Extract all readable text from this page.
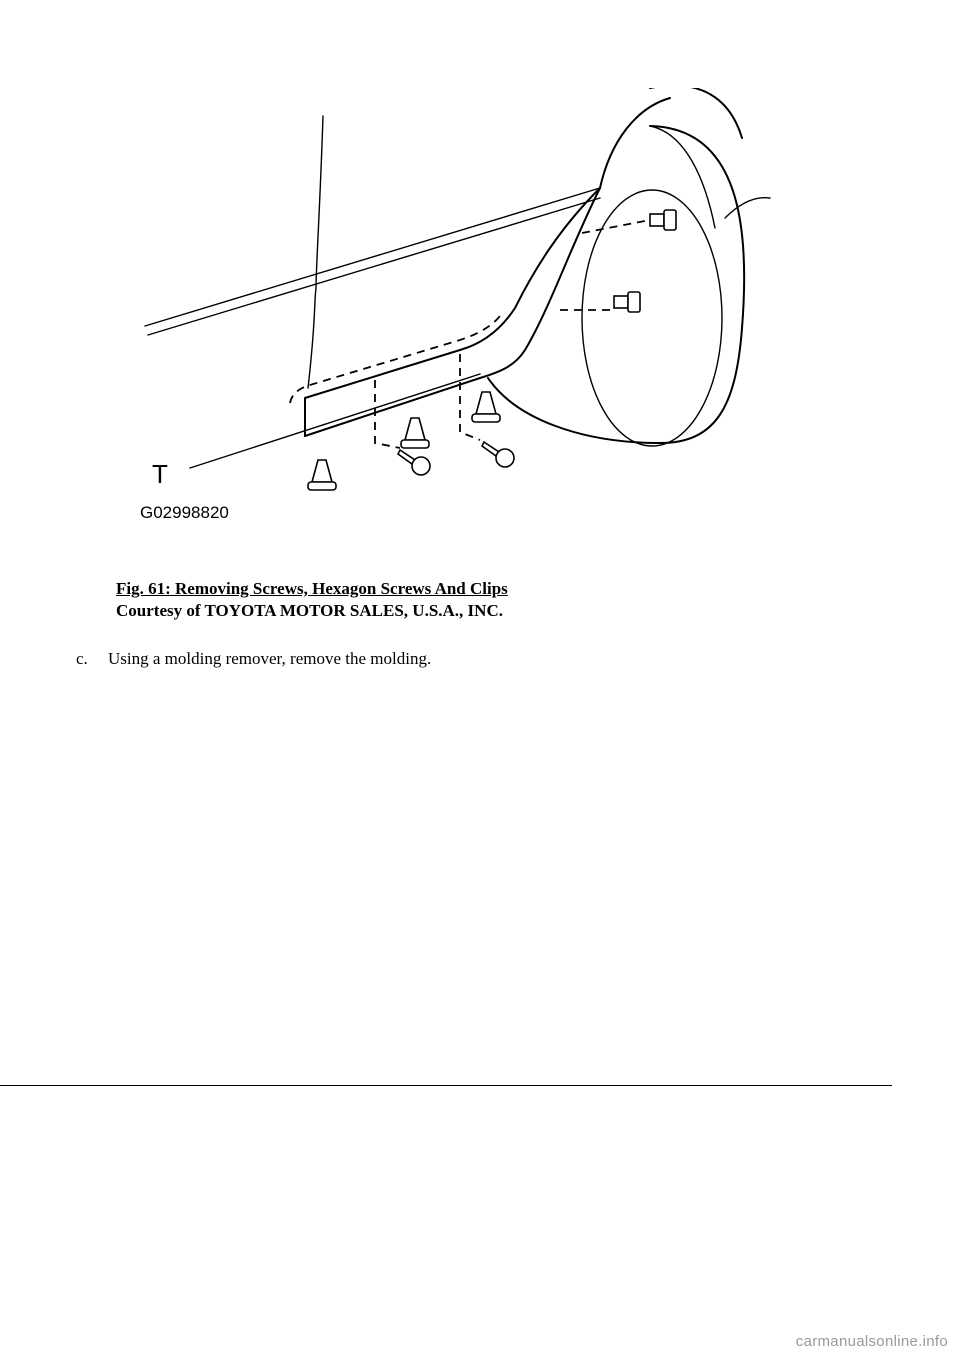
T
G02998820
Fig. 61: Removing Screws, Hexagon Screws And Clips
Courtesy of TOYOTA MOTOR SALES, U.S.A., INC.
c. Using a molding remover, remove the molding.
carmanualsonline.info
